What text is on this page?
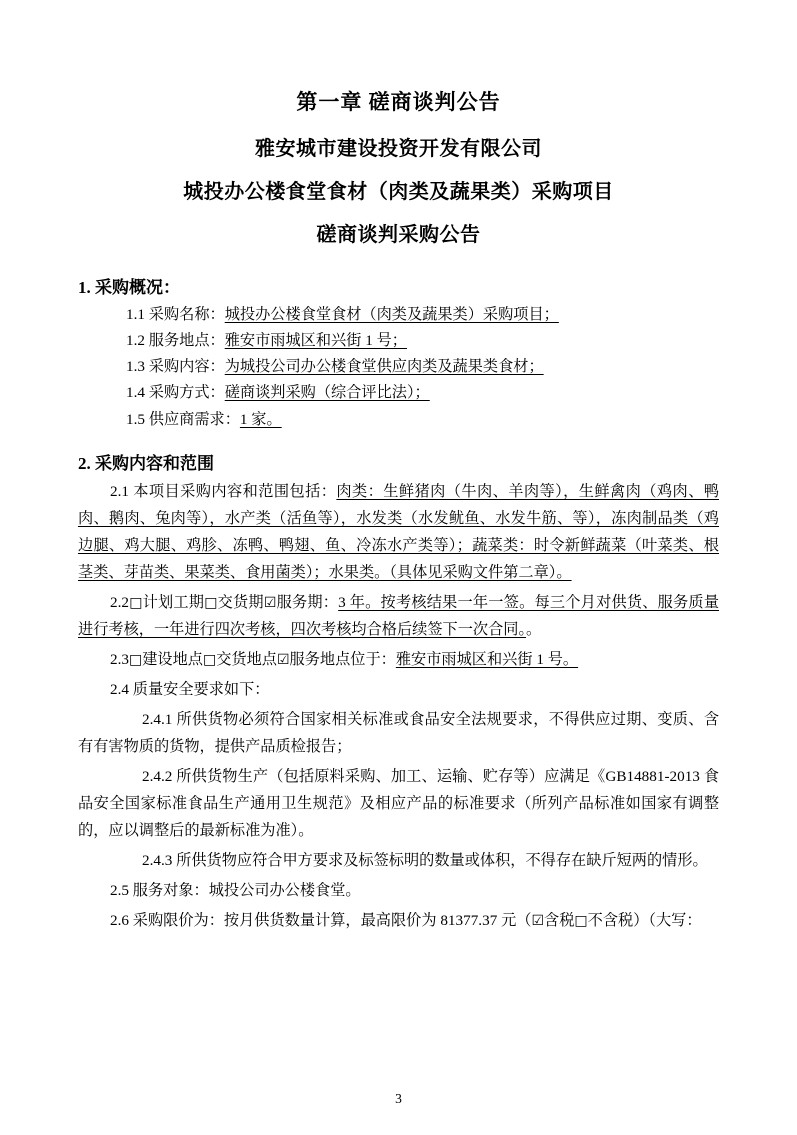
第一章 磋商谈判公告
雅安城市建设投资开发有限公司
城投办公楼食堂食材（肉类及蔬果类）采购项目
磋商谈判采购公告
1. 采购概况：

1.1 采购名称：城投办公楼食堂食材（肉类及蔬果类）采购项目；

1.2 服务地点：雅安市雨城区和兴街 1 号；

1.3 采购内容：为城投公司办公楼食堂供应肉类及蔬果类食材；

1.4 采购方式：磋商谈判采购（综合评比法）；

1.5 供应商需求：1 家。

2. 采购内容和范围

2.1 本项目采购内容和范围包括：肉类：生鲜猪肉（牛肉、羊肉等），生鲜禽肉（鸡肉、鸭肉、鹅肉、兔肉等），水产类（活鱼等），水发类（水发鱿鱼、水发牛筋、等），冻肉制品类（鸡边腿、鸡大腿、鸡胗、冻鸭、鸭翅、鱼、冷冻水产类等）；蔬菜类：时令新鲜蔬菜（叶菜类、根茎类、芽苗类、果菜类、食用菌类）；水果类。（具体见采购文件第二章）。

2.2□计划工期□交货期☑服务期：3 年。按考核结果一年一签。每三个月对供货、服务质量进行考核，一年进行四次考核，四次考核均合格后续签下一次合同。。

2.3□建设地点□交货地点☑服务地点位于：雅安市雨城区和兴街 1 号。

2.4 质量安全要求如下：

2.4.1 所供货物必须符合国家相关标准或食品安全法规要求，不得供应过期、变质、含有有害物质的货物，提供产品质检报告；

2.4.2 所供货物生产（包括原料采购、加工、运输、贮存等）应满足《GB14881-2013 食品安全国家标准食品生产通用卫生规范》及相应产品的标准要求（所列产品标准如国家有调整的，应以调整后的最新标准为准）。

2.4.3 所供货物应符合甲方要求及标签标明的数量或体积，不得存在缺斤短两的情形。

2.5 服务对象：城投公司办公楼食堂。

2.6 采购限价为：按月供货数量计算，最高限价为 81377.37 元（☑含税□不含税）（大写：

3
